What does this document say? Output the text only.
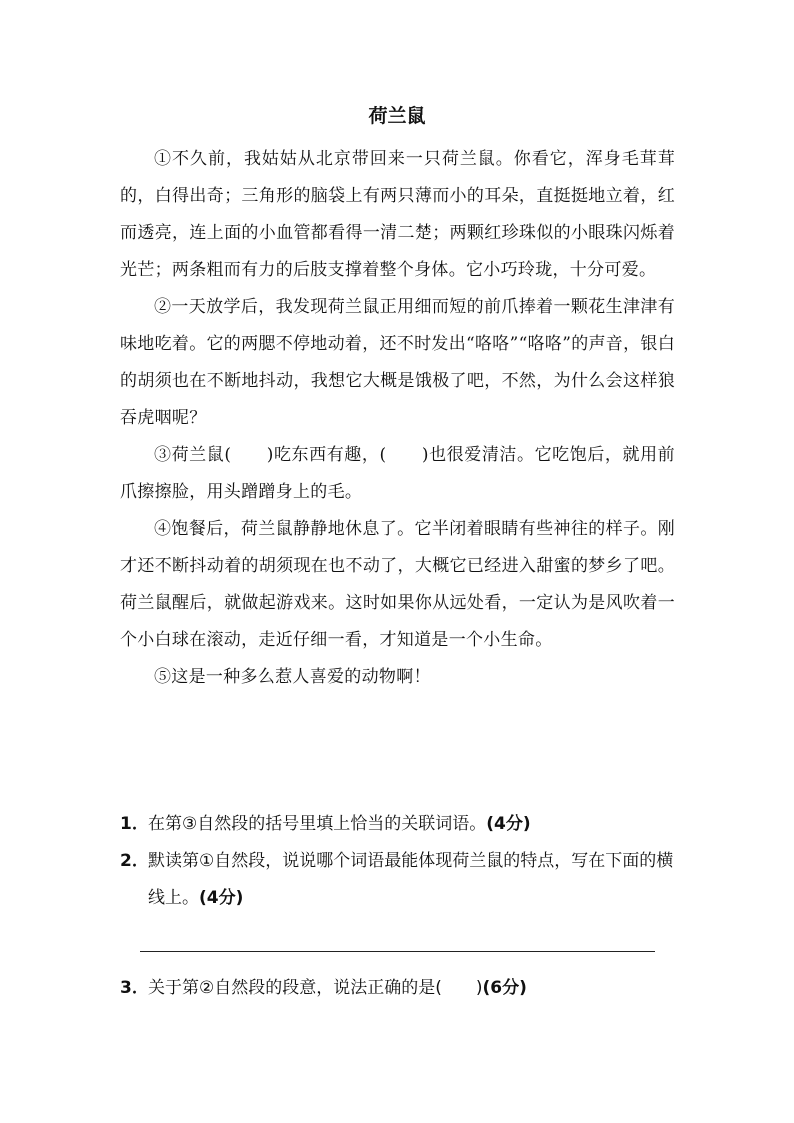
荷兰鼠

①不久前，我姑姑从北京带回来一只荷兰鼠。你看它，浑身毛茸茸的，白得出奇；三角形的脑袋上有两只薄而小的耳朵，直挺挺地立着，红而透亮，连上面的小血管都看得一清二楚；两颗红珍珠似的小眼珠闪烁着光芒；两条粗而有力的后肢支撑着整个身体。它小巧玲珑，十分可爱。

②一天放学后，我发现荷兰鼠正用细而短的前爪捧着一颗花生津津有味地吃着。它的两腮不停地动着，还不时发出“咯咯”“咯咯”的声音，银白的胡须也在不断地抖动，我想它大概是饿极了吧，不然，为什么会这样狼吞虎咽呢？

③荷兰鼠(　　)吃东西有趣，(　　)也很爱清洁。它吃饱后，就用前爪擦擦脸，用头蹭蹭身上的毛。

④饱餐后，荷兰鼠静静地休息了。它半闭着眼睛有些神往的样子。刚才还不断抖动着的胡须现在也不动了，大概它已经进入甜蜜的梦乡了吧。荷兰鼠醒后，就做起游戏来。这时如果你从远处看，一定认为是风吹着一个小白球在滚动，走近仔细一看，才知道是一个小生命。

⑤这是一种多么惹人喜爱的动物啊！

1． 在第③自然段的括号里填上恰当的关联词语。(4分)
2． 默读第①自然段，说说哪个词语最能体现荷兰鼠的特点，写在下面的横线上。(4分)
3． 关于第②自然段的段意，说法正确的是(　　)(6分)
